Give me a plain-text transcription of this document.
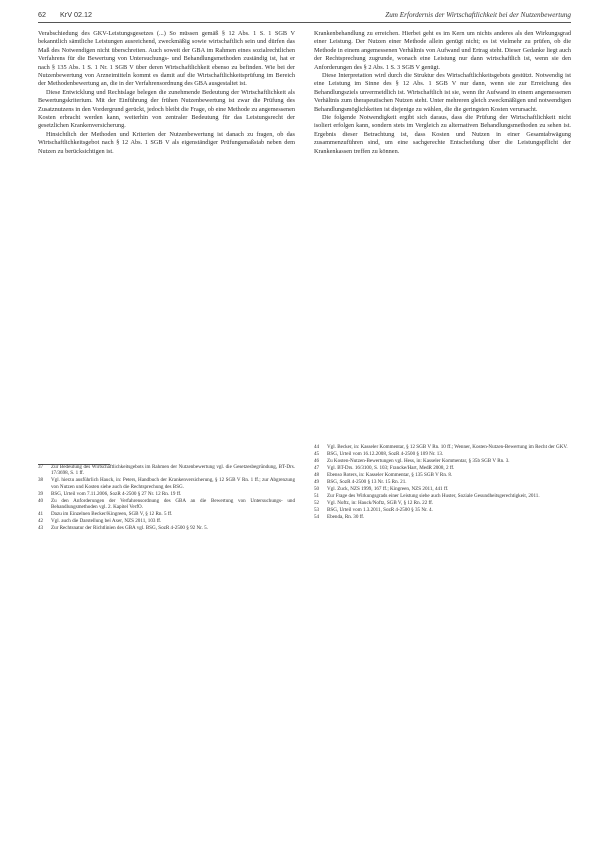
62 KrV 02.12	Zum Erfordernis der Wirtschaftlichkeit bei der Nutzenbewertung

Verabschiedung des GKV-Leistungsgesetzes (...) So müssen gemäß § 12 Abs. 1 S. 1 SGB V bekanntlich sämtliche Leistungen ausreichend, zweckmäßig sowie wirtschaftlich sein und dürfen das Maß des Notwendigen nicht überschreiten. Auch soweit der GBA im Rahmen eines sozialrechtlichen Verfahrens für die Bewertung von Untersuchungs- und Behandlungsmethoden zuständig ist, hat er nach § 135 Abs. 1 S. 1 Nr. 1 SGB V über deren Wirtschaftlichkeit ebenso zu befinden. Wie bei der Nutzenbewertung von Arzneimitteln kommt es damit auf die Wirtschaftlichkeitsprüfung im Bereich der Methodenbewertung an, die in der Verfahrensordnung des GBA ausgestaltet ist.

Diese Entwicklung und Rechtslage belegen die zunehmende Bedeutung der Wirtschaftlichkeit als Bewertungskriterium. Mit der Einführung der frühen Nutzenbewertung ist zwar die Prüfung des Zusatznutzens in den Vordergrund gerückt, jedoch bleibt die Frage, ob eine Methode zu angemessenen Kosten erbracht werden kann, weiterhin von zentraler Bedeutung für das Leistungsrecht der gesetzlichen Krankenversicherung.

Hinsichtlich der Methoden und Kriterien der Nutzenbewertung ist danach zu fragen, ob das Wirtschaftlichkeitsgebot nach § 12 Abs. 1 SGB V als eigenständiger Prüfungsmaßstab neben dem Nutzen zu berücksichtigen ist.

Krankenbehandlung zu erreichen. Hierbei geht es im Kern um nichts anderes als den Wirkungsgrad einer Leistung. Der Nutzen einer Methode allein genügt nicht; es ist vielmehr zu prüfen, ob die Methode in einem angemessenen Verhältnis von Aufwand und Ertrag steht. Dieser Gedanke liegt auch der Rechtsprechung zugrunde, wonach eine Leistung nur dann wirtschaftlich ist, wenn sie den Anforderungen des § 2 Abs. 1 S. 3 SGB V genügt.

Diese Interpretation wird durch die Struktur des Wirtschaftlichkeitsgebots gestützt. Notwendig ist eine Leistung im Sinne des § 12 Abs. 1 SGB V nur dann, wenn sie zur Erreichung des Behandlungsziels unvermeidlich ist. Wirtschaftlich ist sie, wenn ihr Aufwand in einem angemessenen Verhältnis zum therapeutischen Nutzen steht. Unter mehreren gleich zweckmäßigen und notwendigen Behandlungsmöglichkeiten ist diejenige zu wählen, die die geringsten Kosten verursacht.

Die folgende Notwendigkeit ergibt sich daraus, dass die Prüfung der Wirtschaftlichkeit nicht isoliert erfolgen kann, sondern stets im Vergleich zu alternativen Behandlungsmethoden zu sehen ist. Ergebnis dieser Betrachtung ist, dass Kosten und Nutzen in einer Gesamtabwägung zusammenzuführen sind, um eine sachgerechte Entscheidung über die Leistungspflicht der Krankenkassen treffen zu können.

37	Zur Bedeutung des Wirtschaftlichkeitsgebots im Rahmen der Nutzenbewertung vgl. die Gesetzesbegründung, BT-Drs. 17/3698, S. 1 ff.
38	Vgl. hierzu ausführlich Hauck, in: Peters, Handbuch der Krankenversicherung, § 12 SGB V Rn. 1 ff.; zur Abgrenzung von Nutzen und Kosten siehe auch die Rechtsprechung des BSG.
39	BSG, Urteil vom 7.11.2006, SozR 4-2500 § 27 Nr. 12 Rn. 19 ff.
40	Zu den Anforderungen der Verfahrensordnung des GBA an die Bewertung von Untersuchungs- und Behandlungsmethoden vgl. 2. Kapitel VerfO.
41	Dazu im Einzelnen Becker/Kingreen, SGB V, § 12 Rn. 5 ff.
42	Vgl. auch die Darstellung bei Axer, NZS 2011, 103 ff.
43	Zur Rechtsnatur der Richtlinien des GBA vgl. BSG, SozR 4-2500 § 92 Nr. 5.
44	Vgl. Becker, in: Kasseler Kommentar, § 12 SGB V Rn. 10 ff.; Wenner, Kosten-Nutzen-Bewertung im Recht der GKV.
45	BSG, Urteil vom 16.12.2008, SozR 4-2500 § 109 Nr. 13.
46	Zu Kosten-Nutzen-Bewertungen vgl. Hess, in: Kasseler Kommentar, § 35b SGB V Rn. 3.
47	Vgl. BT-Drs. 16/3100, S. 103; Francke/Hart, MedR 2008, 2 ff.
48	Ebenso Roters, in: Kasseler Kommentar, § 135 SGB V Rn. 8.
49	BSG, SozR 4-2500 § 13 Nr. 15 Rn. 21.
50	Vgl. Zuck, NZS 1999, 167 ff.; Kingreen, NZS 2011, 441 ff.
51	Zur Frage des Wirkungsgrads einer Leistung siehe auch Huster, Soziale Gesundheitsgerechtigkeit, 2011.
52	Vgl. Noftz, in: Hauck/Noftz, SGB V, § 12 Rn. 22 ff.
53	BSG, Urteil vom 1.3.2011, SozR 4-2500 § 35 Nr. 4.
54	Ebenda, Rn. 30 ff.
